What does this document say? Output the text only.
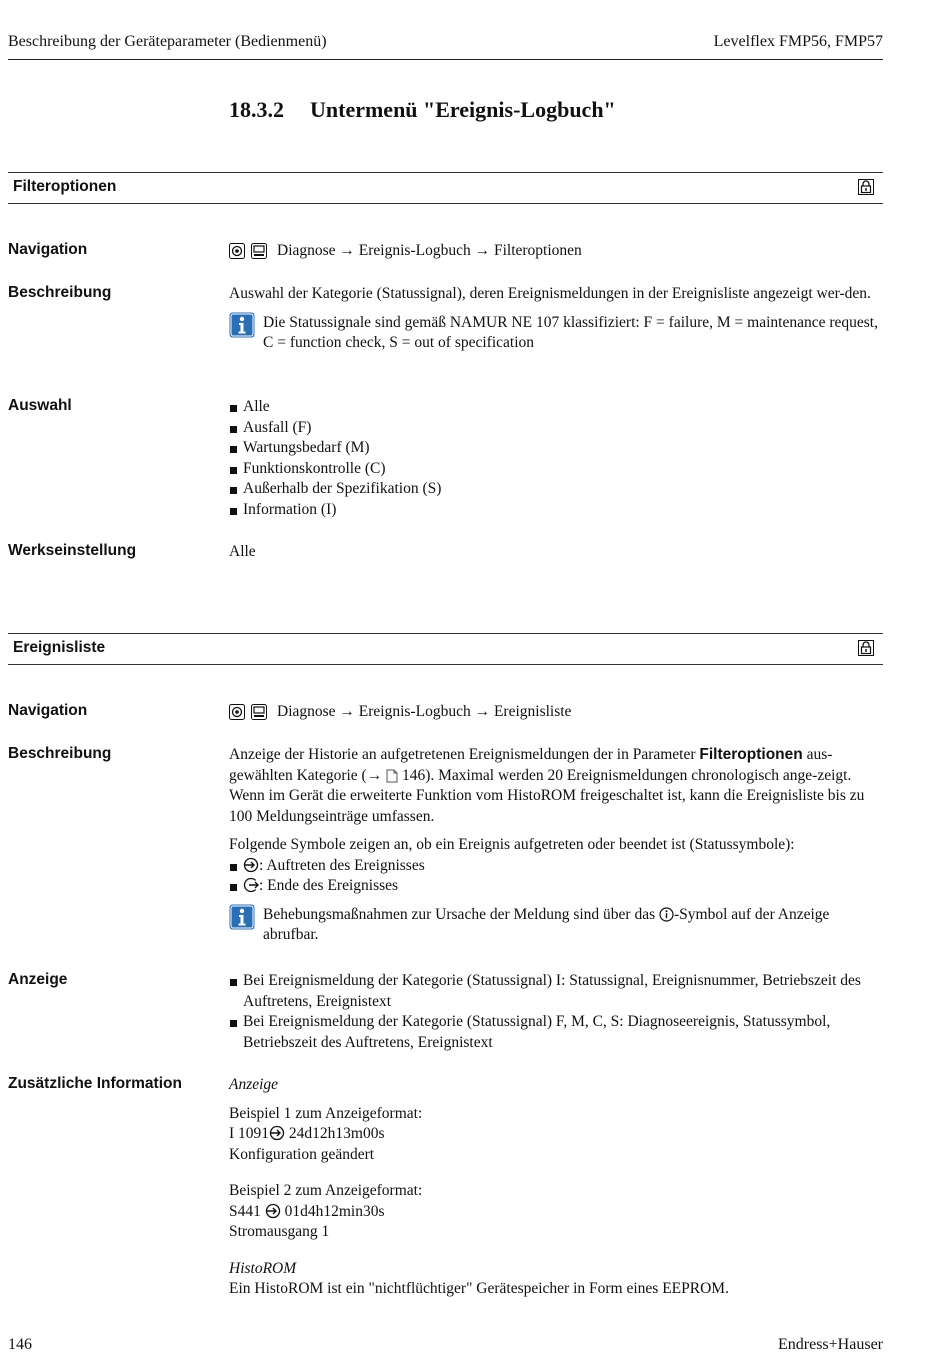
Beschreibung der Geräteparameter (Bedienmenü)	Levelflex FMP56, FMP57
18.3.2 Untermenü "Ereignis-Logbuch"
Filteroptionen
Navigation	Diagnose → Ereignis-Logbuch → Filteroptionen
Beschreibung	Auswahl der Kategorie (Statussignal), deren Ereignismeldungen in der Ereignisliste angezeigt wer-den.

Die Statussignale sind gemäß NAMUR NE 107 klassifiziert: F = failure, M = maintenance request, C = function check, S = out of specification
Auswahl	Alle
Ausfall (F)
Wartungsbedarf (M)
Funktionskontrolle (C)
Außerhalb der Spezifikation (S)
Information (I)
Werkseinstellung	Alle
Ereignisliste
Navigation	Diagnose → Ereignis-Logbuch → Ereignisliste
Beschreibung	Anzeige der Historie an aufgetretenen Ereignismeldungen der in Parameter Filteroptionen aus-gewählten Kategorie (→  146). Maximal werden 20 Ereignismeldungen chronologisch ange-zeigt. Wenn im Gerät die erweiterte Funktion vom HistoROM freigeschaltet ist, kann die Ereignisliste bis zu 100 Meldungseinträge umfassen.

Folgende Symbole zeigen an, ob ein Ereignis aufgetreten oder beendet ist (Statussymbole):

: Auftreten des Ereignisses
: Ende des Ereignisses
Behebungsmaßnahmen zur Ursache der Meldung sind über das -Symbol auf der Anzeige abrufbar.
Anzeige	Bei Ereignismeldung der Kategorie (Statussignal) I: Statussignal, Ereignisnummer, Betriebszeit des Auftretens, Ereignistext
Bei Ereignismeldung der Kategorie (Statussignal) F, M, C, S: Diagnoseereignis, Statussymbol, Betriebszeit des Auftretens, Ereignistext
Zusätzliche Information	Anzeige

Beispiel 1 zum Anzeigeformat:

I 1091 24d12h13m00s

Konfiguration geändert

Beispiel 2 zum Anzeigeformat:

S441  01d4h12min30s

Stromausgang 1

HistoROM

Ein HistoROM ist ein "nichtflüchtiger" Gerätespeicher in Form eines EEPROM.

146	Endress+Hauser
